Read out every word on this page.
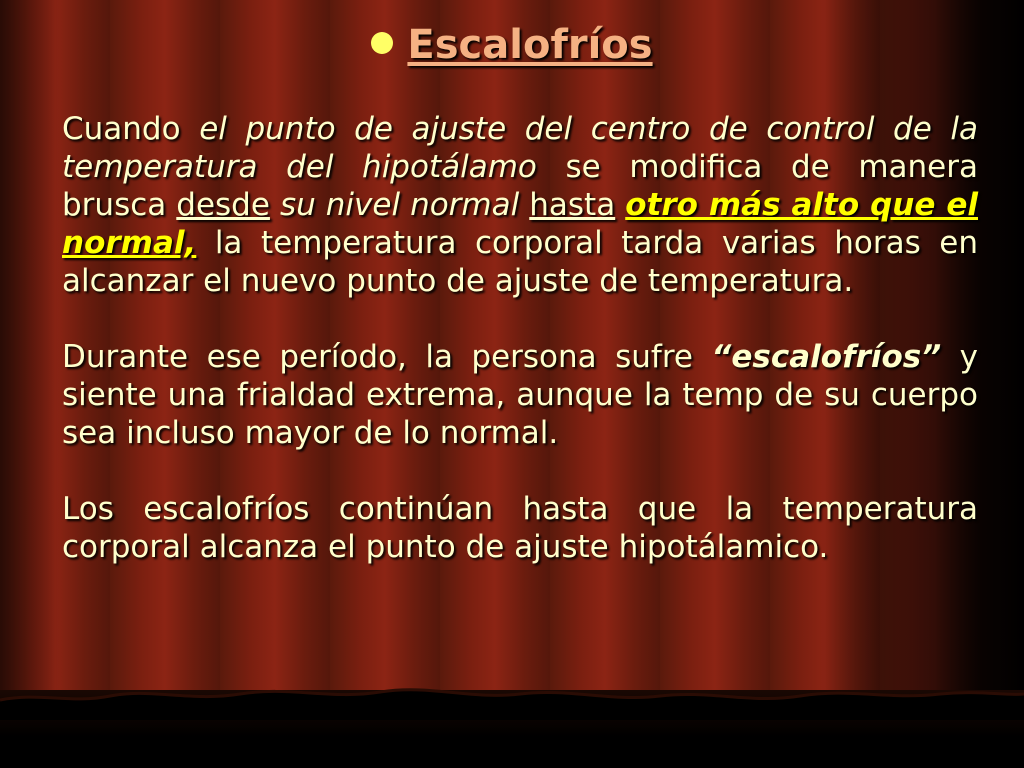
Escalofríos

Cuando el punto de ajuste del centro de control de la temperatura del hipotálamo se modifica de manera brusca desde su nivel normal hasta otro más alto que el normal, la temperatura corporal tarda varias horas en alcanzar el nuevo punto de ajuste de temperatura.

Durante ese período, la persona sufre “escalofríos” y siente una frialdad extrema, aunque la temp de su cuerpo sea incluso mayor de lo normal.

Los escalofríos continúan hasta que la temperatura corporal alcanza el punto de ajuste hipotálamico.
